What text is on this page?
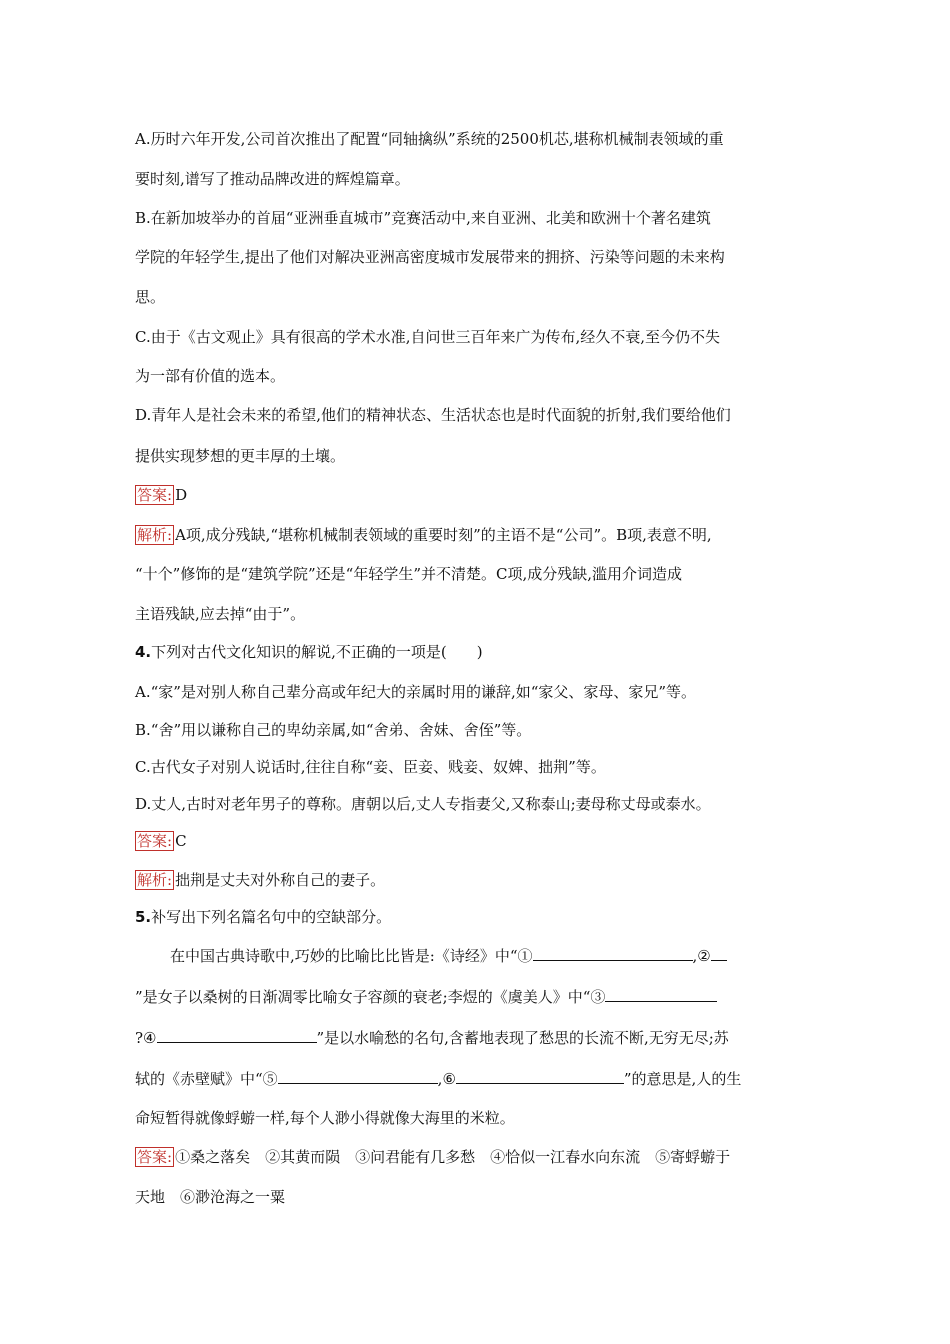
A.历时六年开发,公司首次推出了配置“同轴擒纵”系统的2500机芯,堪称机械制表领域的重
要时刻,谱写了推动品牌改进的辉煌篇章。
B.在新加坡举办的首届“亚洲垂直城市”竞赛活动中,来自亚洲、北美和欧洲十个著名建筑
学院的年轻学生,提出了他们对解决亚洲高密度城市发展带来的拥挤、污染等问题的未来构
思。
C.由于《古文观止》具有很高的学术水准,自问世三百年来广为传布,经久不衰,至今仍不失
为一部有价值的选本。
D.青年人是社会未来的希望,他们的精神状态、生活状态也是时代面貌的折射,我们要给他们
提供实现梦想的更丰厚的土壤。
答案: D
解析: A项,成分残缺,“堪称机械制表领域的重要时刻”的主语不是“公司”。B项,表意不明,
“十个”修饰的是“建筑学院”还是“年轻学生”并不清楚。C项,成分残缺,滥用介词造成
主语残缺,应去掉“由于”。
4.下列对古代文化知识的解说,不正确的一项是(　　)
A.“家”是对别人称自己辈分高或年纪大的亲属时用的谦辞,如“家父、家母、家兄”等。
B.“舍”用以谦称自己的卑幼亲属,如“舍弟、舍妹、舍侄”等。
C.古代女子对别人说话时,往往自称“妾、臣妾、贱妾、奴婢、拙荆”等。
D.丈人,古时对老年男子的尊称。唐朝以后,丈人专指妻父,又称泰山;妻母称丈母或泰水。
答案: C
解析: 拙荆是丈夫对外称自己的妻子。
5.补写出下列名篇名句中的空缺部分。
在中国古典诗歌中,巧妙的比喻比比皆是:《诗经》中“①	,②
”是女子以桑树的日渐凋零比喻女子容颜的衰老;李煜的《虞美人》中“③
?④	”是以水喻愁的名句,含蓄地表现了愁思的长流不断,无穷无尽;苏
轼的《赤壁赋》中“⑤	,⑥	”的意思是,人的生
命短暂得就像蜉蝣一样,每个人渺小得就像大海里的米粒。
答案: ①桑之落矣　②其黄而陨　③问君能有几多愁　④恰似一江春水向东流　⑤寄蜉蝣于
天地　⑥渺沧海之一粟
